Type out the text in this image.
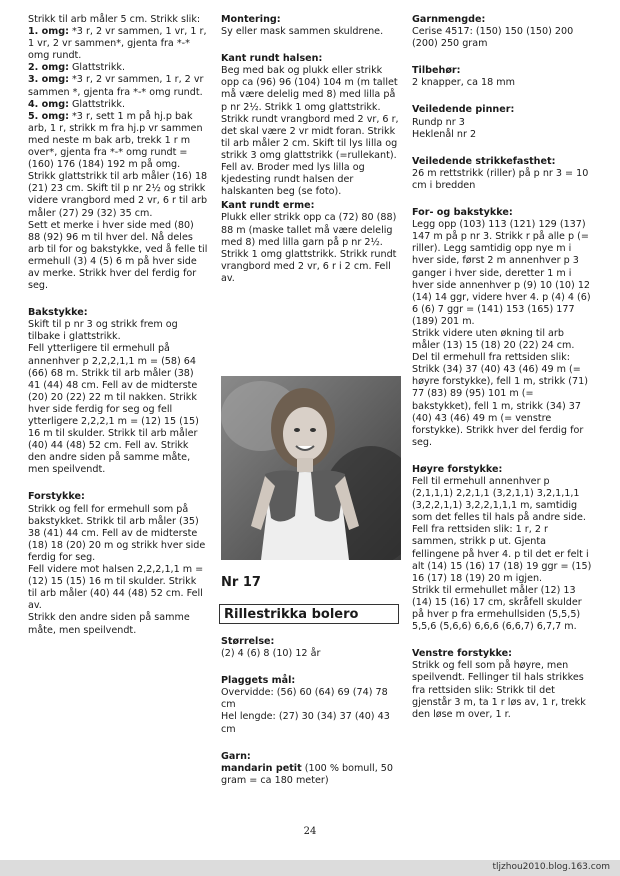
Strikk til arb måler 5 cm. Strikk slik:

1. omg: *3 r, 2 vr sammen, 1 vr, 1 r, 1 vr, 2 vr sammen*, gjenta fra *-* omg rundt.

2. omg: Glattstrikk.

3. omg: *3 r, 2 vr sammen, 1 r, 2 vr sammen *, gjenta fra *-* omg rundt.

4. omg: Glattstrikk.

5. omg: *3 r, sett 1 m på hj.p bak arb, 1 r, strikk m fra hj.p vr sammen med neste m bak arb, trekk 1 r m over*, gjenta fra *-* omg rundt = (160) 176 (184) 192 m på omg.

Strikk glattstrikk til arb måler (16) 18 (21) 23 cm. Skift til p nr 2½ og strikk videre vrangbord med 2 vr, 6 r til arb måler (27) 29 (32) 35 cm.

Sett et merke i hver side med (80) 88 (92) 96 m til hver del. Nå deles arb til for og bakstykke, ved å felle til ermehull (3) 4 (5) 6 m på hver side av merke. Strikk hver del ferdig for seg.

Bakstykke:

Skift til p nr 3 og strikk frem og tilbake i glattstrikk.

Fell ytterligere til ermehull på annenhver p 2,2,2,1,1 m = (58) 64 (66) 68 m. Strikk til arb måler (38) 41 (44) 48 cm. Fell av de midterste (20) 20 (22) 22 m til nakken. Strikk hver side ferdig for seg og fell ytterligere 2,2,2,1 m = (12) 15 (15) 16 m til skulder. Strikk til arb måler (40) 44 (48) 52 cm. Fell av. Strikk den andre siden på samme måte, men speilvendt.

Forstykke:

Strikk og fell for ermehull som på bakstykket. Strikk til arb måler (35) 38 (41) 44 cm. Fell av de midterste (18) 18 (20) 20 m og strikk hver side ferdig for seg.

Fell videre mot halsen 2,2,2,1,1 m = (12) 15 (15) 16 m til skulder. Strikk til arb måler (40) 44 (48) 52 cm. Fell av.

Strikk den andre siden på samme måte, men speilvendt.

Montering:

Sy eller mask sammen skuldrene.

Kant rundt halsen:

Beg med bak og plukk eller strikk opp ca (96) 96 (104) 104 m (m tallet må være delelig med 8) med lilla på p nr 2½. Strikk 1 omg glattstrikk. Strikk rundt vrangbord med 2 vr, 6 r, det skal være 2 vr midt foran. Strikk til arb måler 2 cm. Skift til lys lilla og strikk 3 omg glattstrikk (=rullekant). Fell av. Broder med lys lilla og kjedesting rundt halsen der halskanten beg (se foto).

Kant rundt erme:

Plukk eller strikk opp ca (72) 80 (88) 88 m (maske tallet må være delelig med 8) med lilla garn på p nr 2½. Strikk 1 omg glattstrikk. Strikk rundt vrangbord med 2 vr, 6 r i 2 cm. Fell av.

Nr 17
Rillestrikka bolero

Størrelse:

(2) 4 (6) 8 (10) 12 år

Plaggets mål:

Overvidde: (56) 60 (64) 69 (74) 78 cm

Hel lengde: (27) 30 (34) 37 (40) 43 cm

Garn:

mandarin petit (100 % bomull, 50 gram = ca 180 meter)

Garnmengde:

Cerise 4517: (150) 150 (150) 200 (200) 250 gram

Tilbehør:

2 knapper, ca 18 mm

Veiledende pinner:

Rundp nr 3

Heklenål nr 2

Veiledende strikkefasthet:

26 m rettstrikk (riller) på p nr 3 = 10 cm i bredden

For- og bakstykke:

Legg opp (103) 113 (121) 129 (137) 147 m på p nr 3. Strikk r på alle p (= riller). Legg samtidig opp nye m i hver side, først 2 m annenhver p 3 ganger i hver side, deretter 1 m i hver side annenhver p (9) 10 (10) 12 (14) 14 ggr, videre hver 4. p (4) 4 (6) 6 (6) 7 ggr = (141) 153 (165) 177 (189) 201 m.

Strikk videre uten økning til arb måler (13) 15 (18) 20 (22) 24 cm.

Del til ermehull fra rettsiden slik: Strikk (34) 37 (40) 43 (46) 49 m (= høyre forstykke), fell 1 m, strikk (71) 77 (83) 89 (95) 101 m (= bakstykket), fell 1 m, strikk (34) 37 (40) 43 (46) 49 m (= venstre forstykke). Strikk hver del ferdig for seg.

Høyre forstykke:

Fell til ermehull annenhver p (2,1,1,1) 2,2,1,1 (3,2,1,1) 3,2,1,1,1 (3,2,2,1,1) 3,2,2,1,1,1 m, samtidig som det felles til hals på andre side. Fell fra rettsiden slik: 1 r, 2 r sammen, strikk p ut. Gjenta fellingene på hver 4. p til det er felt i alt (14) 15 (16) 17 (18) 19 ggr = (15) 16 (17) 18 (19) 20 m igjen.

Strikk til ermehullet måler (12) 13 (14) 15 (16) 17 cm, skråfell skulder på hver p fra ermehullsiden (5,5,5) 5,5,6 (5,6,6) 6,6,6 (6,6,7) 6,7,7 m.

Venstre forstykke:

Strikk og fell som på høyre, men speilvendt. Fellinger til hals strikkes fra rettsiden slik: Strikk til det gjenstår 3 m, ta 1 r løs av, 1 r, trekk den løse m over, 1 r.

24
tljzhou2010.blog.163.com
